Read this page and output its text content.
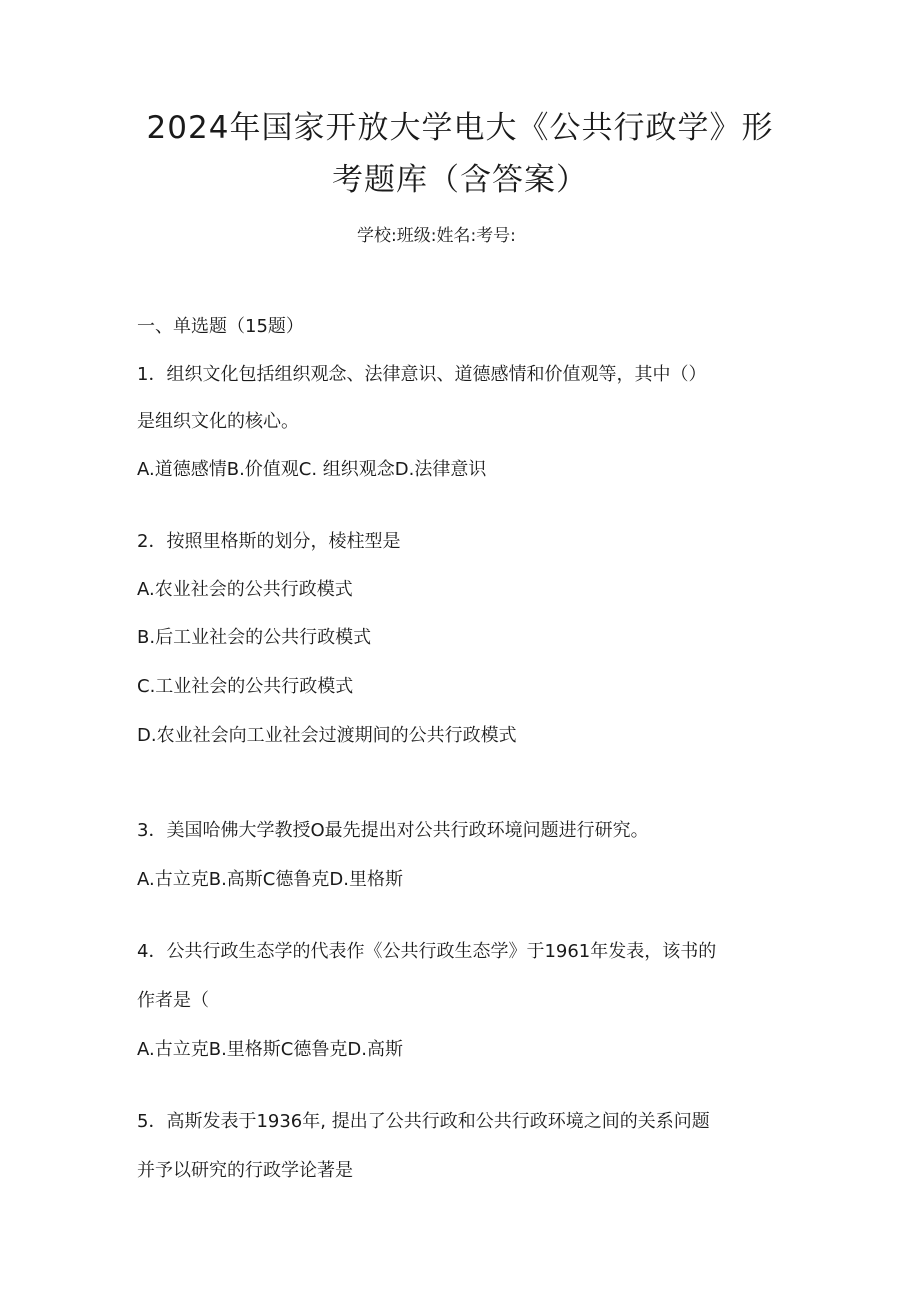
2024年国家开放大学电大《公共行政学》形
考题库（含答案）
学校:班级:姓名:考号:
一、单选题（15题）
1．组织文化包括组织观念、法律意识、道德感情和价值观等，其中（）
是组织文化的核心。
A.道德感情B.价值观C. 组织观念D.法律意识
2．按照里格斯的划分，棱柱型是
A.农业社会的公共行政模式
B.后工业社会的公共行政模式
C.工业社会的公共行政模式
D.农业社会向工业社会过渡期间的公共行政模式
3．美国哈佛大学教授O最先提出对公共行政环境问题进行研究。
A.古立克B.高斯C德鲁克D.里格斯
4．公共行政生态学的代表作《公共行政生态学》于1961年发表，该书的
作者是（
A.古立克B.里格斯C德鲁克D.高斯
5．高斯发表于1936年, 提出了公共行政和公共行政环境之间的关系问题
并予以研究的行政学论著是
